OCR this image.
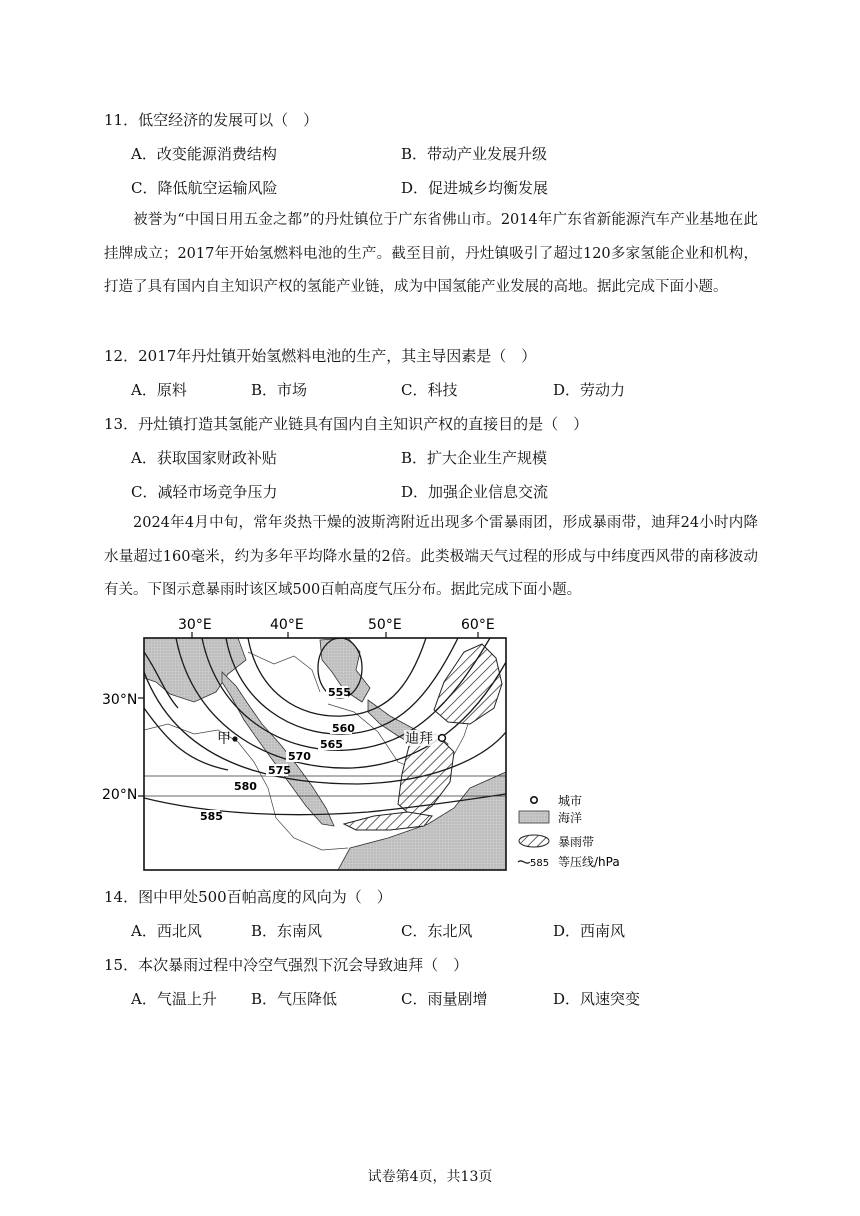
11．低空经济的发展可以（　）
A．改变能源消费结构	B．带动产业发展升级
C．降低航空运输风险	D．促进城乡均衡发展
被誉为“中国日用五金之都”的丹灶镇位于广东省佛山市。2014年广东省新能源汽车产业基地在此挂牌成立；2017年开始氢燃料电池的生产。截至目前，丹灶镇吸引了超过120多家氢能企业和机构，打造了具有国内自主知识产权的氢能产业链，成为中国氢能产业发展的高地。据此完成下面小题。
12．2017年丹灶镇开始氢燃料电池的生产，其主导因素是（　）
A．原料	B．市场	C．科技	D．劳动力
13．丹灶镇打造其氢能产业链具有国内自主知识产权的直接目的是（　）
A．获取国家财政补贴	B．扩大企业生产规模
C．减轻市场竞争压力	D．加强企业信息交流
2024年4月中旬，常年炎热干燥的波斯湾附近出现多个雷暴雨团，形成暴雨带，迪拜24小时内降水量超过160毫米，约为多年平均降水量的2倍。此类极端天气过程的形成与中纬度西风带的南移波动有关。下图示意暴雨时该区域500百帕高度气压分布。据此完成下面小题。
30°E	40°E	50°E	60°E
30°N
20°N
555
560
565
570
575
580
585
甲	迪拜
城市
海洋
暴雨带
585 等压线/hPa
14．图中甲处500百帕高度的风向为（　）
A．西北风	B．东南风	C．东北风	D．西南风
15．本次暴雨过程中冷空气强烈下沉会导致迪拜（　）
A．气温上升 B．气压降低	C．雨量剧增	D．风速突变
试卷第4页，共13页
